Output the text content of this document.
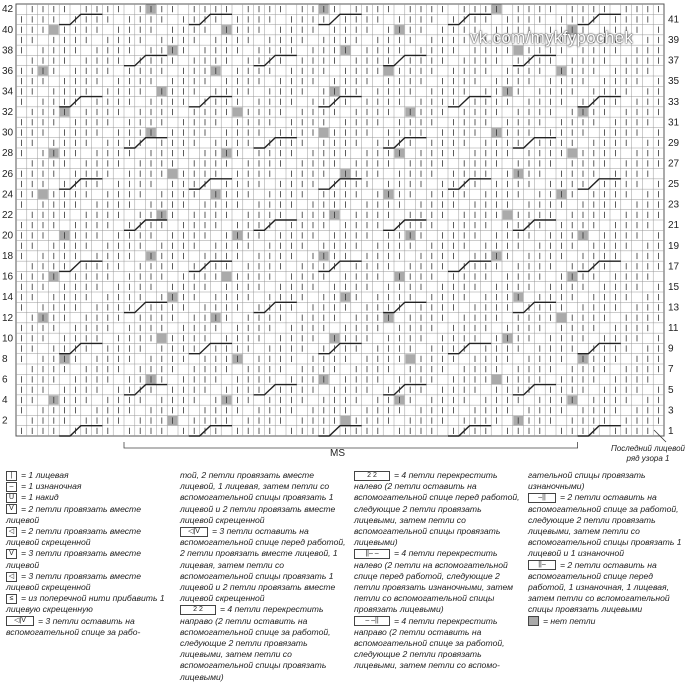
42
40
38
36
34
32
30
28
26
24
22
20
18
16
14
12
10
8
6
4
2
41
39
37
35
33
31
29
27
25
23
21
19
17
15
13
11
9
7
5
3
1
vk.com/mykfypochek
MS	Последний лицевой ряд узора 1
| = 1 лицевая
– = 1 изнаночная
U = 1 накид
V = 2 петли провязать вместе лицевой
◁ = 2 петли провязать вместе лицевой скрещенной
V = 3 петли провязать вместе лицевой
◁ = 3 петли провязать вместе лицевой скрещенной
≤ = из поперечной нити прибавить 1 лицевую скрещенную
◁|V	= 3 петли оставить на вспомогательной спице за рабо-
той, 2 петли провязать вместе лицевой, 1 лицевая, затем петли со вспомогательной спицы провязать 1 лицевой и 2 петли провязать вместе лицевой скрещенной
◁|V	= 3 петли оставить на вспомогательной спице перед работой, 2 петли провязать вместе лицевой, 1 лицевая, затем петли со вспомогательной спицы провязать 1 лицевой и 2 петли провязать вместе лицевой скрещенной
2 2	= 4 петли перекрестить направо (2 петли оставить на вспомогательной спице за работой, следующие 2 петли провязать лицевыми, затем петли со вспомогательной спицы провязать лицевыми)
2 2	= 4 петли перекрестить налево (2 петли оставить на вспомогательной спице перед работой, следующие 2 петли провязать лицевыми, затем петли со вспомогательной спицы провязать лицевыми)
||– –	= 4 петли перекрестить налево (2 петли на вспомогательной спице перед работой, следующие 2 петли провязать изнаночными, затем петли со вспомогательной спицы провязать лицевыми)
– –||	= 4 петли перекрестить направо (2 петли оставить на вспомогательной спице за работой, следующие 2 петли провязать лицевыми, затем петли со вспомо-
гательной спицы провязать изнаночными)
–||	= 2 петли оставить на вспомогательной спице за работой, следующие 2 петли провязать лицевыми, затем петли со вспомогательной спицы провязать 1 лицевой и 1 изнаночной
||–	= 2 петли оставить на вспомогательной спице перед работой, 1 изнаночная, 1 лицевая, затем петли со вспомогательной спицы провязать лицевыми
= нет петли
